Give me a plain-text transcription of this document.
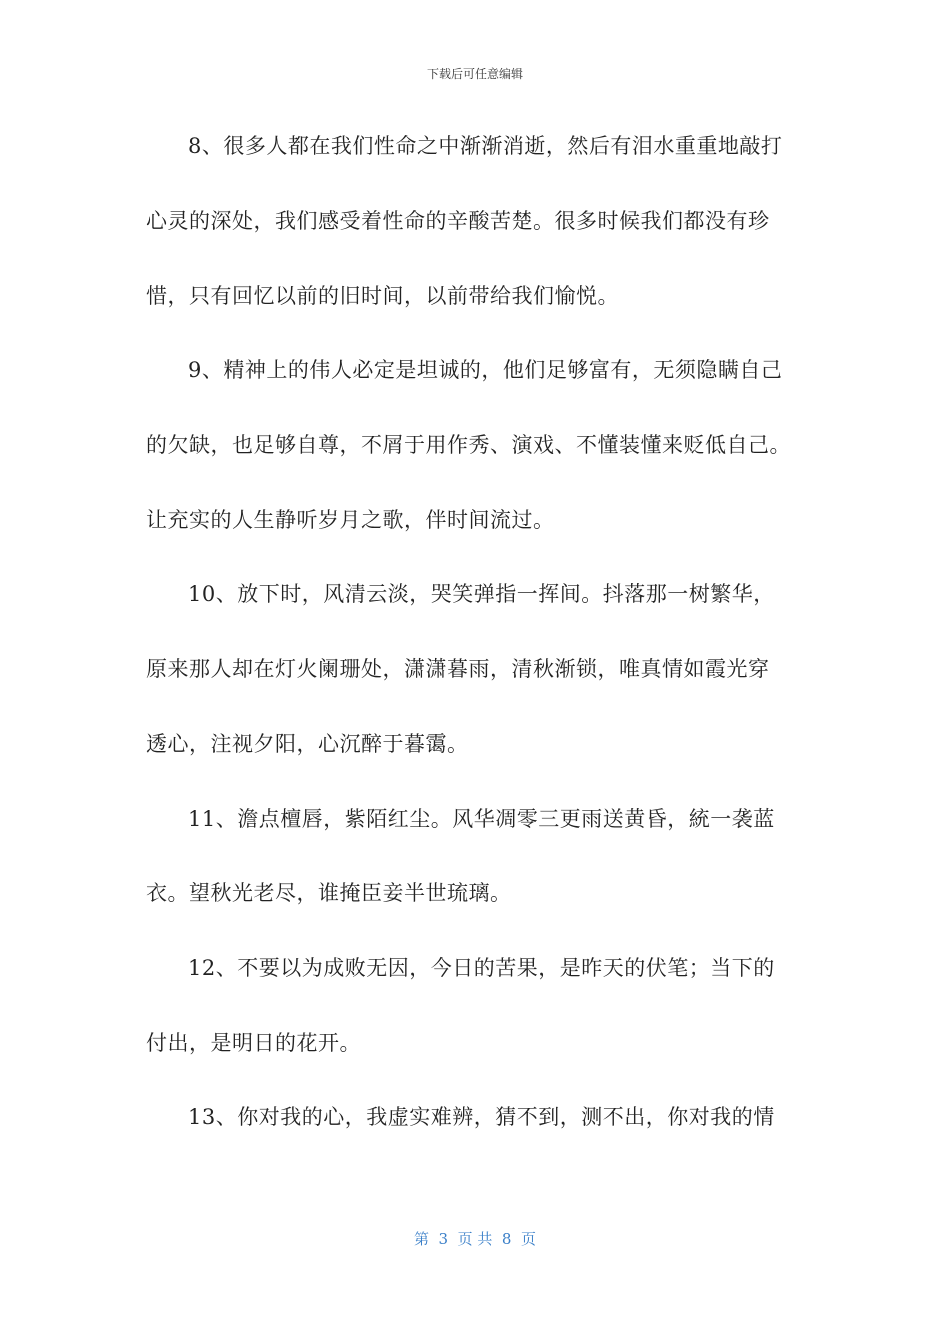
下载后可任意编辑
8、很多人都在我们性命之中渐渐消逝，然后有泪水重重地敲打
心灵的深处，我们感受着性命的辛酸苦楚。很多时候我们都没有珍
惜，只有回忆以前的旧时间，以前带给我们愉悦。
9、精神上的伟人必定是坦诚的，他们足够富有，无须隐瞒自己
的欠缺，也足够自尊，不屑于用作秀、演戏、不懂装懂来贬低自己。
让充实的人生静听岁月之歌，伴时间流过。
10、放下时，风清云淡，哭笑弹指一挥间。抖落那一树繁华，
原来那人却在灯火阑珊处，潇潇暮雨，清秋渐锁，唯真情如霞光穿
透心，注视夕阳，心沉醉于暮霭。
11、澹点檀唇，紫陌红尘。风华凋零三更雨送黄昏，統一袭蓝
衣。望秋光老尽，谁掩臣妾半世琉璃。
12、不要以为成败无因，今日的苦果，是昨天的伏笔；当下的
付出，是明日的花开。
13、你对我的心，我虚实难辨，猜不到，测不出，你对我的情
第  3  页 共  8  页
